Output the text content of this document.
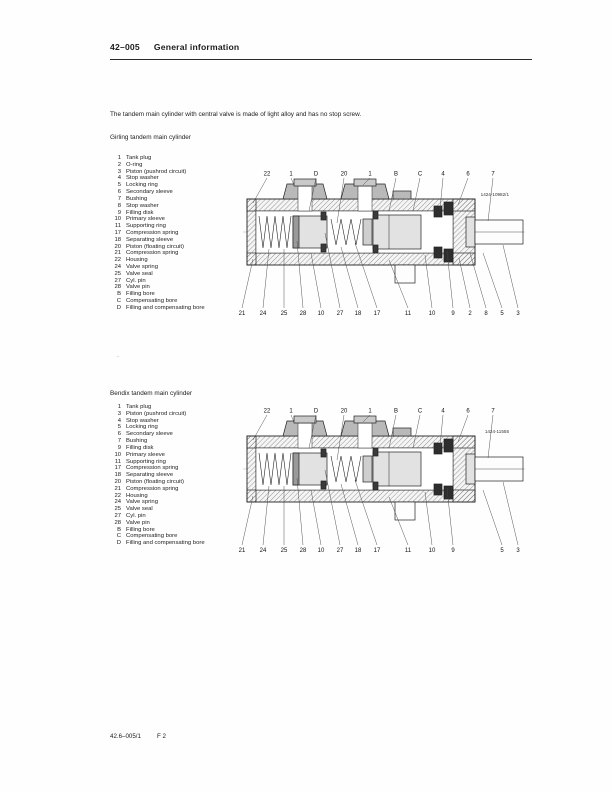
42–005 General information
The tandem main cylinder with central valve is made of light alloy and has no stop screw.
Girling tandem main cylinder
1 Tank plug
2 O-ring
3 Piston (pushrod circuit)
4 Stop washer
5 Locking ring
6 Secondary sleeve
7 Bushing
8 Stop washer
9 Filling disk
10 Primary sleeve
11 Supporting ring
17 Compression spring
18 Separating sleeve
20 Piston (floating circuit)
21 Compression spring
22 Housing
24 Valve spring
25 Valve seal
27 Cyl. pin
28 Valve pin
B Filling bore
C Compensating bore
D Filling and compensating bore
1424-10982/1
22	1	D	20	1	B	C	4	6	7
21 24 25 28 10 27 18 17	11	10	9 2 8 5 3
·
Bendix tandem main cylinder
1 Tank plug
3 Piston (pushrod circuit)
4 Stop washer
5 Locking ring
6 Secondary sleeve
7 Bushing
9 Filling disk
10 Primary sleeve
11 Supporting ring
17 Compression spring
18 Separating sleeve
20 Piston (floating circuit)
21 Compression spring
22 Housing
24 Valve spring
25 Valve seal
27 Cyl. pin
28 Valve pin
B Filling bore
C Compensating bore
D Filling and compensating bore
1424-11555
22	1	D	20	1	B	C	4	6	7
21 24 25 28 10 27 18 17	11	10	9	5 3
42.6–005/1	F 2
